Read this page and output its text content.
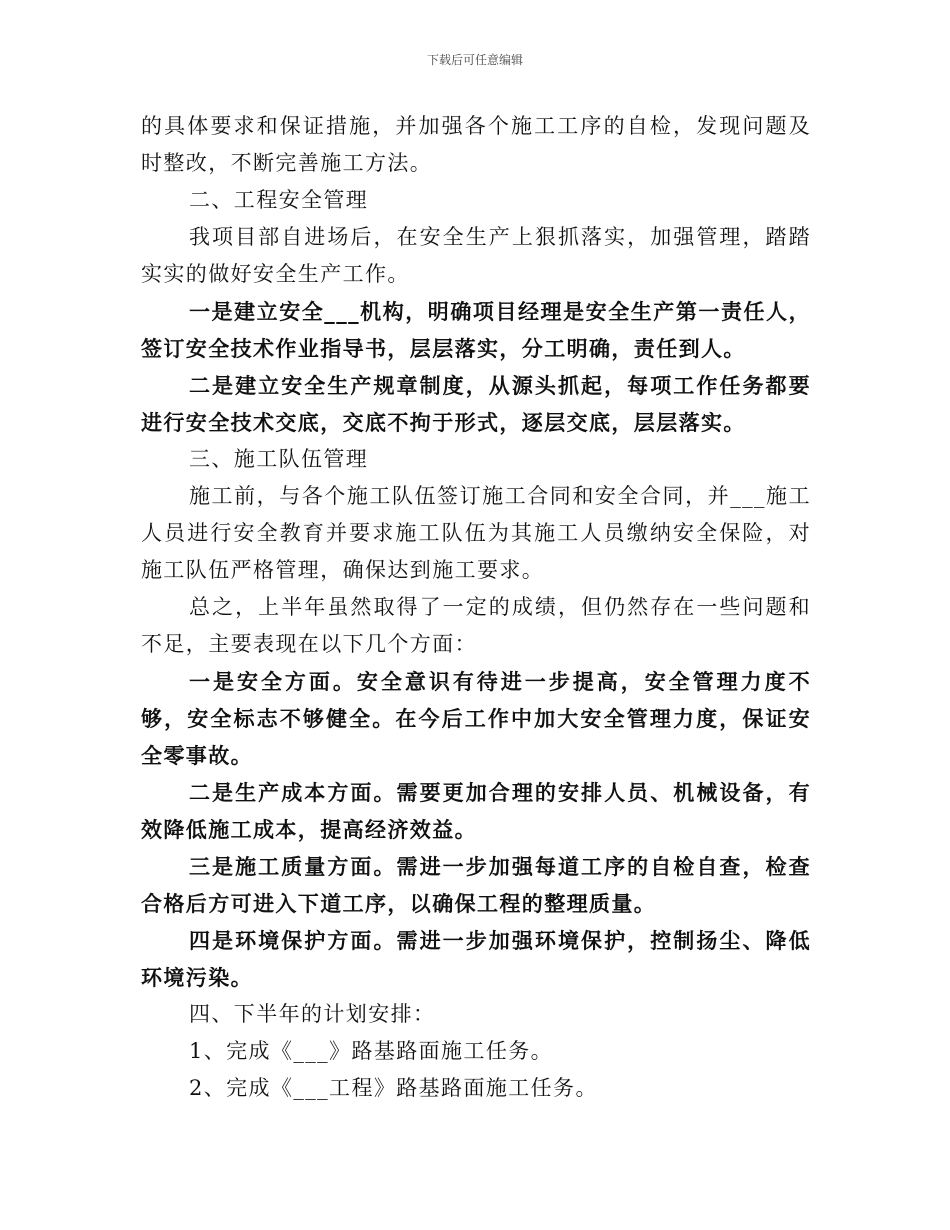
下载后可任意编辑

的具体要求和保证措施，并加强各个施工工序的自检，发现问题及时整改，不断完善施工方法。

二、工程安全管理

我项目部自进场后，在安全生产上狠抓落实，加强管理，踏踏实实的做好安全生产工作。

一是建立安全___机构，明确项目经理是安全生产第一责任人，签订安全技术作业指导书，层层落实，分工明确，责任到人。

二是建立安全生产规章制度，从源头抓起，每项工作任务都要进行安全技术交底，交底不拘于形式，逐层交底，层层落实。

三、施工队伍管理

施工前，与各个施工队伍签订施工合同和安全合同，并___施工人员进行安全教育并要求施工队伍为其施工人员缴纳安全保险，对施工队伍严格管理，确保达到施工要求。

总之，上半年虽然取得了一定的成绩，但仍然存在一些问题和不足，主要表现在以下几个方面：

一是安全方面。安全意识有待进一步提高，安全管理力度不够，安全标志不够健全。在今后工作中加大安全管理力度，保证安全零事故。

二是生产成本方面。需要更加合理的安排人员、机械设备，有效降低施工成本，提高经济效益。

三是施工质量方面。需进一步加强每道工序的自检自查，检查合格后方可进入下道工序，以确保工程的整理质量。

四是环境保护方面。需进一步加强环境保护，控制扬尘、降低环境污染。

四、下半年的计划安排：

1、完成《___》路基路面施工任务。

2、完成《___工程》路基路面施工任务。
